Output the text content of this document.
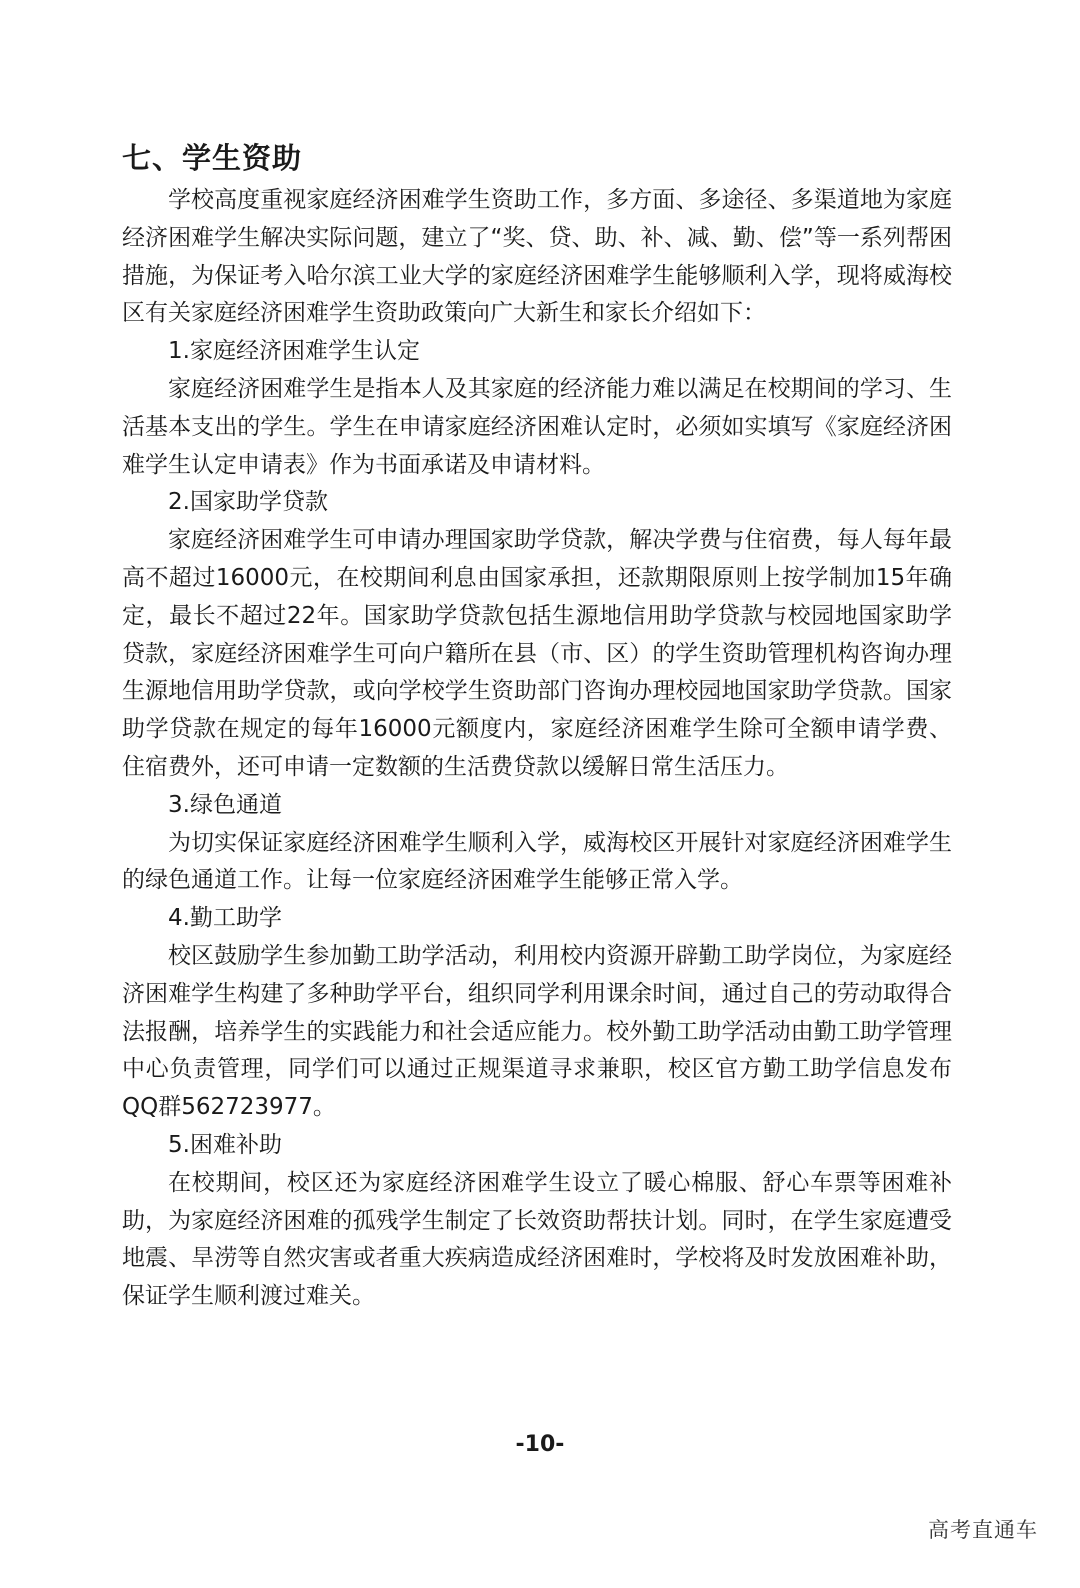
七、学生资助

学校高度重视家庭经济困难学生资助工作，多方面、多途径、多渠道地为家庭经济困难学生解决实际问题，建立了“奖、贷、助、补、减、勤、偿”等一系列帮困措施，为保证考入哈尔滨工业大学的家庭经济困难学生能够顺利入学，现将威海校区有关家庭经济困难学生资助政策向广大新生和家长介绍如下：

1.家庭经济困难学生认定

家庭经济困难学生是指本人及其家庭的经济能力难以满足在校期间的学习、生活基本支出的学生。学生在申请家庭经济困难认定时，必须如实填写《家庭经济困难学生认定申请表》作为书面承诺及申请材料。

2.国家助学贷款

家庭经济困难学生可申请办理国家助学贷款，解决学费与住宿费，每人每年最高不超过16000元，在校期间利息由国家承担，还款期限原则上按学制加15年确定，最长不超过22年。国家助学贷款包括生源地信用助学贷款与校园地国家助学贷款，家庭经济困难学生可向户籍所在县（市、区）的学生资助管理机构咨询办理生源地信用助学贷款，或向学校学生资助部门咨询办理校园地国家助学贷款。国家助学贷款在规定的每年16000元额度内，家庭经济困难学生除可全额申请学费、住宿费外，还可申请一定数额的生活费贷款以缓解日常生活压力。

3.绿色通道

为切实保证家庭经济困难学生顺利入学，威海校区开展针对家庭经济困难学生的绿色通道工作。让每一位家庭经济困难学生能够正常入学。

4.勤工助学

校区鼓励学生参加勤工助学活动，利用校内资源开辟勤工助学岗位，为家庭经济困难学生构建了多种助学平台，组织同学利用课余时间，通过自己的劳动取得合法报酬，培养学生的实践能力和社会适应能力。校外勤工助学活动由勤工助学管理中心负责管理，同学们可以通过正规渠道寻求兼职，校区官方勤工助学信息发布QQ群562723977。

5.困难补助

在校期间，校区还为家庭经济困难学生设立了暖心棉服、舒心车票等困难补助，为家庭经济困难的孤残学生制定了长效资助帮扶计划。同时，在学生家庭遭受地震、旱涝等自然灾害或者重大疾病造成经济困难时，学校将及时发放困难补助，保证学生顺利渡过难关。

-10-
高考直通车
